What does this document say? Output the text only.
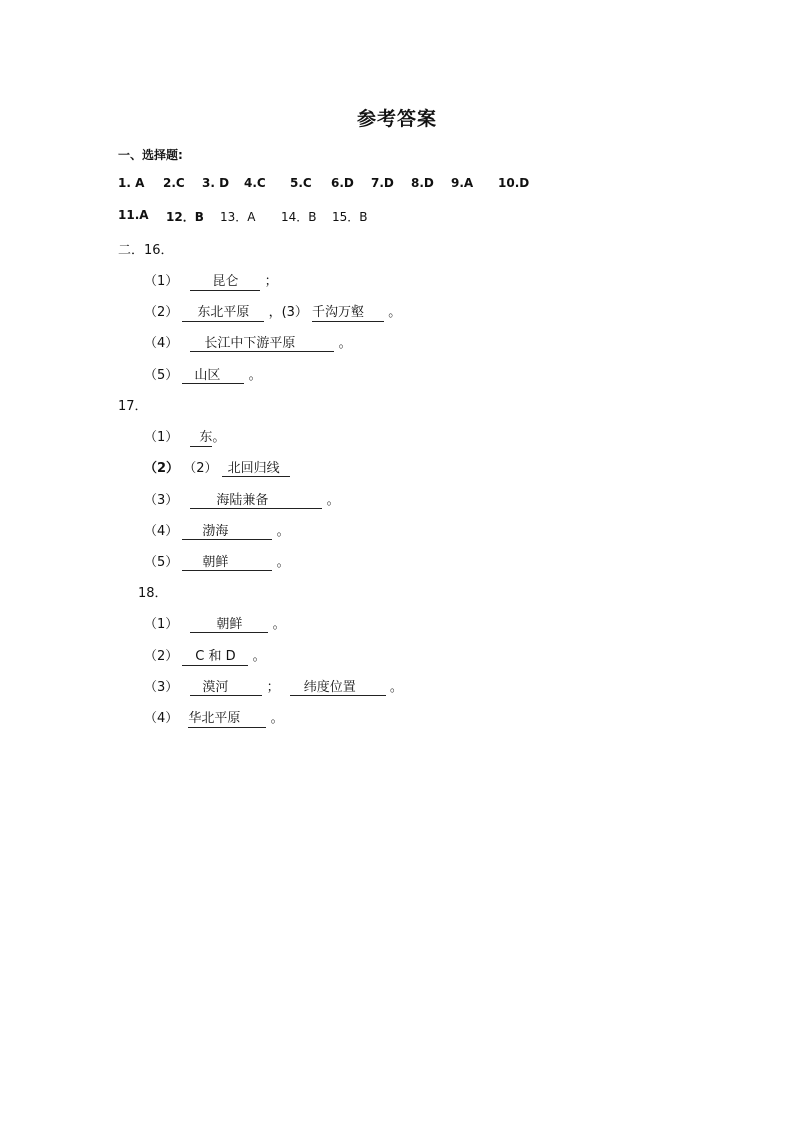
参考答案
一、选择题:
1. A 2.C 3. D 4.C 5.C 6.D 7.D 8.D 9.A 10.D
11.A 12．B 13．A 14．B 15．B
二．16．
（1）	昆仑 ；
（2） 东北平原 ，(3） 千沟万壑 。
（4） 长江中下游平原	。
（5） 山区 。
17．
（1） 东。
（2） （2） 北回归线
（3）	海陆兼备	。
（4） 渤海	。
（5） 朝鲜	。
18．
（1）	朝鲜 。
（2） C 和 D 。
（3） 漠河	； 纬度位置	。
（4） 华北平原 。
